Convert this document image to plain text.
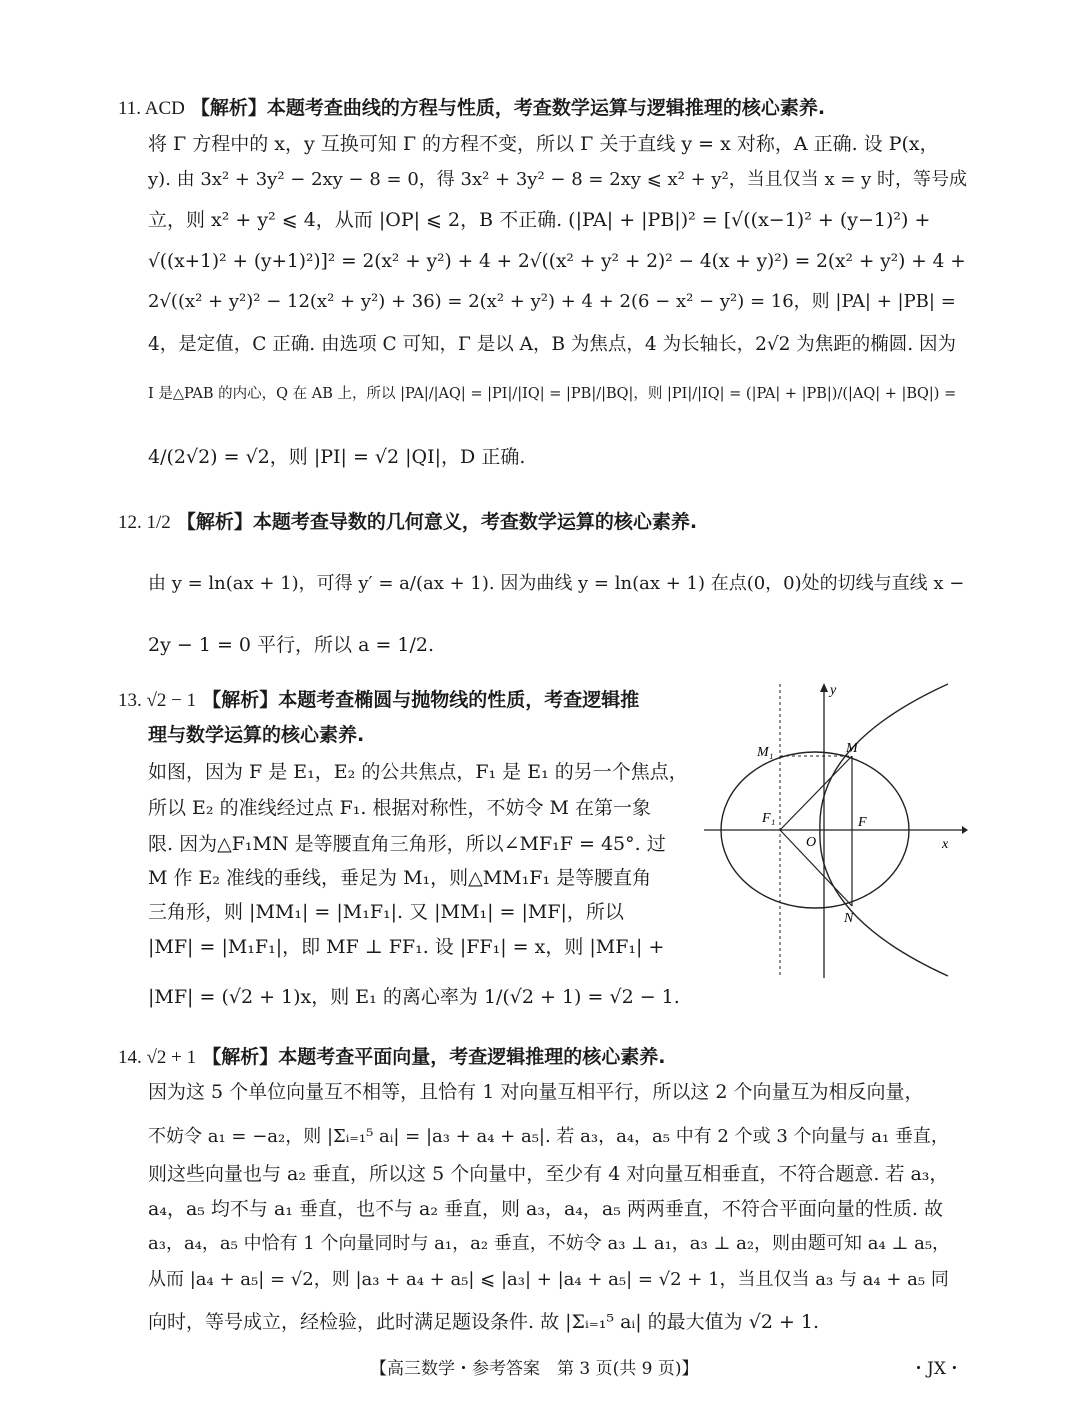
11. ACD 【解析】本题考查曲线的方程与性质，考查数学运算与逻辑推理的核心素养.
将 Γ 方程中的 x，y 互换可知 Γ 的方程不变，所以 Γ 关于直线 y = x 对称，A 正确. 设 P(x，
y). 由 3x² + 3y² − 2xy − 8 = 0，得 3x² + 3y² − 8 = 2xy ⩽ x² + y²，当且仅当 x = y 时，等号成
立，则 x² + y² ⩽ 4，从而 |OP| ⩽ 2，B 不正确. (|PA| + |PB|)² = [√((x−1)² + (y−1)²) +
√((x+1)² + (y+1)²)]² = 2(x² + y²) + 4 + 2√((x² + y² + 2)² − 4(x + y)²) = 2(x² + y²) + 4 +
2√((x² + y²)² − 12(x² + y²) + 36) = 2(x² + y²) + 4 + 2(6 − x² − y²) = 16，则 |PA| + |PB| =
4，是定值，C 正确. 由选项 C 可知，Γ 是以 A，B 为焦点，4 为长轴长，2√2 为焦距的椭圆. 因为
I 是△PAB 的内心，Q 在 AB 上，所以 |PA|/|AQ| = |PI|/|IQ| = |PB|/|BQ|，则 |PI|/|IQ| = (|PA| + |PB|)/(|AQ| + |BQ|) =
4/(2√2) = √2，则 |PI| = √2 |QI|，D 正确.
12. 1/2 【解析】本题考查导数的几何意义，考查数学运算的核心素养.
由 y = ln(ax + 1)，可得 y′ = a/(ax + 1). 因为曲线 y = ln(ax + 1) 在点(0，0)处的切线与直线 x −
2y − 1 = 0 平行，所以 a = 1/2.
13. √2 − 1 【解析】本题考查椭圆与抛物线的性质，考查逻辑推
理与数学运算的核心素养.
如图，因为 F 是 E₁，E₂ 的公共焦点，F₁ 是 E₁ 的另一个焦点，
所以 E₂ 的准线经过点 F₁. 根据对称性，不妨令 M 在第一象
限. 因为△F₁MN 是等腰直角三角形，所以∠MF₁F = 45°. 过
M 作 E₂ 准线的垂线，垂足为 M₁，则△MM₁F₁ 是等腰直角
三角形，则 |MM₁| = |M₁F₁|. 又 |MM₁| = |MF|，所以
|MF| = |M₁F₁|，即 MF ⊥ FF₁. 设 |FF₁| = x，则 |MF₁| +
|MF| = (√2 + 1)x，则 E₁ 的离心率为 1/(√2 + 1) = √2 − 1.
y
x
O
M
M₁
F₁	F
N
14. √2 + 1 【解析】本题考查平面向量，考查逻辑推理的核心素养.
因为这 5 个单位向量互不相等，且恰有 1 对向量互相平行，所以这 2 个向量互为相反向量，
不妨令 a₁ = −a₂，则 |Σᵢ₌₁⁵ aᵢ| = |a₃ + a₄ + a₅|. 若 a₃，a₄，a₅ 中有 2 个或 3 个向量与 a₁ 垂直，
则这些向量也与 a₂ 垂直，所以这 5 个向量中，至少有 4 对向量互相垂直，不符合题意. 若 a₃，
a₄，a₅ 均不与 a₁ 垂直，也不与 a₂ 垂直，则 a₃，a₄，a₅ 两两垂直，不符合平面向量的性质. 故
a₃，a₄，a₅ 中恰有 1 个向量同时与 a₁，a₂ 垂直，不妨令 a₃ ⊥ a₁，a₃ ⊥ a₂，则由题可知 a₄ ⊥ a₅，
从而 |a₄ + a₅| = √2，则 |a₃ + a₄ + a₅| ⩽ |a₃| + |a₄ + a₅| = √2 + 1，当且仅当 a₃ 与 a₄ + a₅ 同
向时，等号成立，经检验，此时满足题设条件. 故 |Σᵢ₌₁⁵ aᵢ| 的最大值为 √2 + 1.
【高三数学・参考答案　第 3 页(共 9 页)】	・JX・
